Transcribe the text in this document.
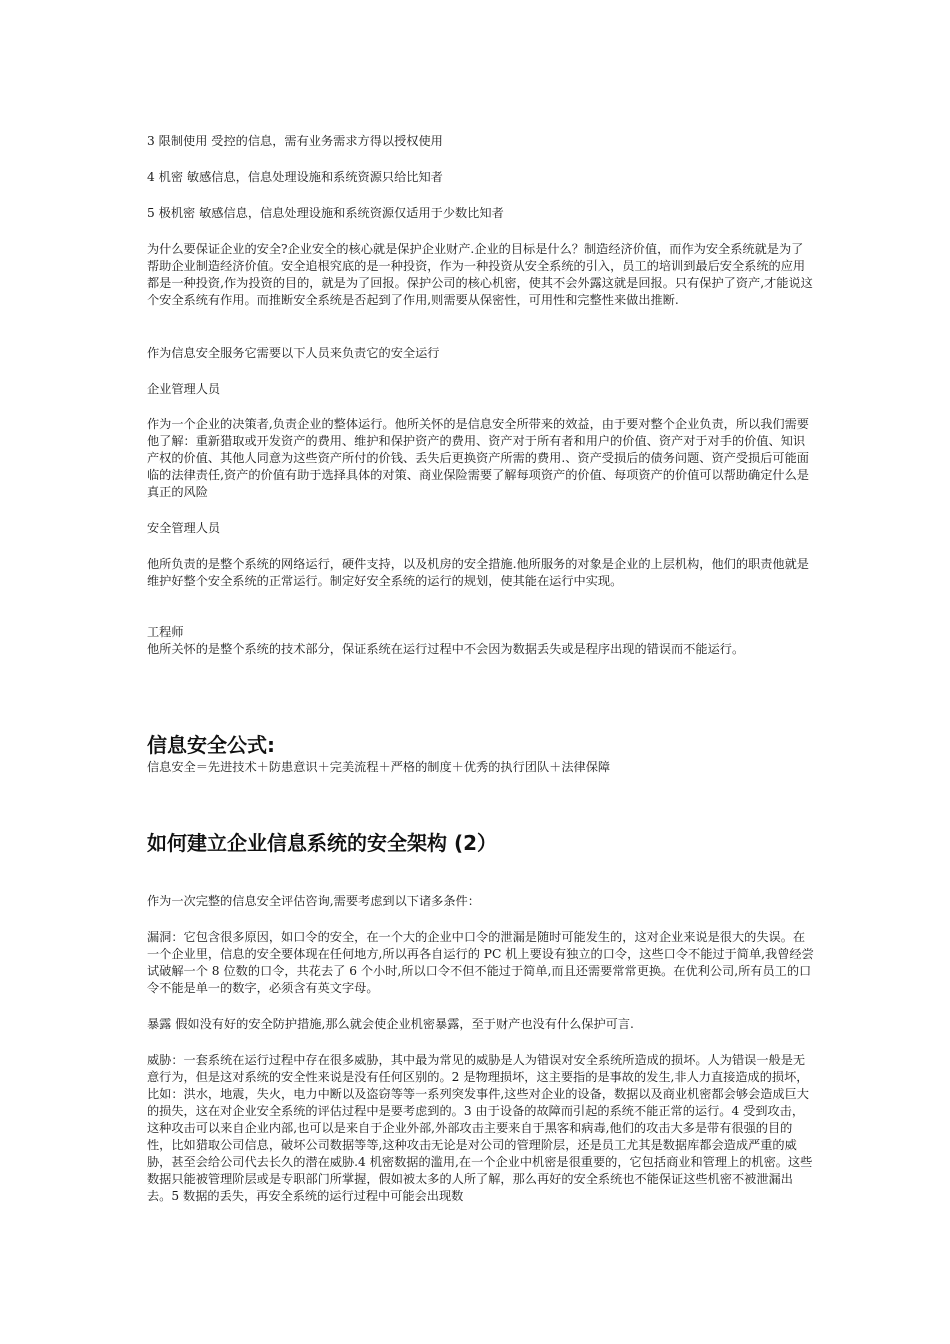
3 限制使用 受控的信息，需有业务需求方得以授权使用

4 机密 敏感信息，信息处理设施和系统资源只给比知者

5 极机密 敏感信息，信息处理设施和系统资源仅适用于少数比知者

为什么要保证企业的安全?企业安全的核心就是保护企业财产.企业的目标是什么？制造经济价值，而作为安全系统就是为了帮助企业制造经济价值。安全追根究底的是一种投资，作为一种投资从安全系统的引入，员工的培训到最后安全系统的应用都是一种投资,作为投资的目的，就是为了回报。保护公司的核心机密，使其不会外露这就是回报。只有保护了资产,才能说这个安全系统有作用。而推断安全系统是否起到了作用,则需要从保密性，可用性和完整性来做出推断.

作为信息安全服务它需要以下人员来负责它的安全运行

企业管理人员

作为一个企业的决策者,负责企业的整体运行。他所关怀的是信息安全所带来的效益，由于要对整个企业负责，所以我们需要他了解：重新猎取或开发资产的费用、维护和保护资产的费用、资产对于所有者和用户的价值、资产对于对手的价值、知识产权的价值、其他人同意为这些资产所付的价钱、丢失后更换资产所需的费用.、资产受损后的债务问题、资产受损后可能面临的法律责任,资产的价值有助于选择具体的对策、商业保险需要了解每项资产的价值、每项资产的价值可以帮助确定什么是真正的风险

安全管理人员

他所负责的是整个系统的网络运行，硬件支持，以及机房的安全措施.他所服务的对象是企业的上层机构，他们的职责他就是维护好整个安全系统的正常运行。制定好安全系统的运行的规划，使其能在运行中实现。

工程师

他所关怀的是整个系统的技术部分，保证系统在运行过程中不会因为数据丢失或是程序出现的错误而不能运行。

信息安全公式:

信息安全＝先进技术＋防患意识＋完美流程＋严格的制度＋优秀的执行团队＋法律保障

如何建立企业信息系统的安全架构 (2）

作为一次完整的信息安全评估咨询,需要考虑到以下诸多条件：

漏洞：它包含很多原因，如口令的安全，在一个大的企业中口令的泄漏是随时可能发生的，这对企业来说是很大的失误。在一个企业里，信息的安全要体现在任何地方,所以再各自运行的 PC 机上要设有独立的口令，这些口令不能过于简单,我曾经尝试破解一个 8 位数的口令，共花去了 6 个小时,所以口令不但不能过于简单,而且还需要常常更换。在优利公司,所有员工的口令不能是单一的数字，必须含有英文字母。

暴露 假如没有好的安全防护措施,那么就会使企业机密暴露，至于财产也没有什么保护可言.

威胁：一套系统在运行过程中存在很多威胁，其中最为常见的威胁是人为错误对安全系统所造成的损坏。人为错误一般是无意行为，但是这对系统的安全性来说是没有任何区别的。2 是物理损坏，这主要指的是事故的发生,非人力直接造成的损坏，比如：洪水，地震，失火，电力中断以及盗窃等等一系列突发事件,这些对企业的设备，数据以及商业机密都会够会造成巨大的损失，这在对企业安全系统的评估过程中是要考虑到的。3 由于设备的故障而引起的系统不能正常的运行。4 受到攻击，这种攻击可以来自企业内部,也可以是来自于企业外部,外部攻击主要来自于黑客和病毒,他们的攻击大多是带有很强的目的性，比如猎取公司信息，破坏公司数据等等,这种攻击无论是对公司的管理阶层，还是员工尤其是数据库都会造成严重的威胁，甚至会给公司代去长久的潜在威胁.4 机密数据的滥用,在一个企业中机密是很重要的，它包括商业和管理上的机密。这些数据只能被管理阶层或是专职部门所掌握，假如被太多的人所了解，那么再好的安全系统也不能保证这些机密不被泄漏出去。5 数据的丢失，再安全系统的运行过程中可能会出现数
